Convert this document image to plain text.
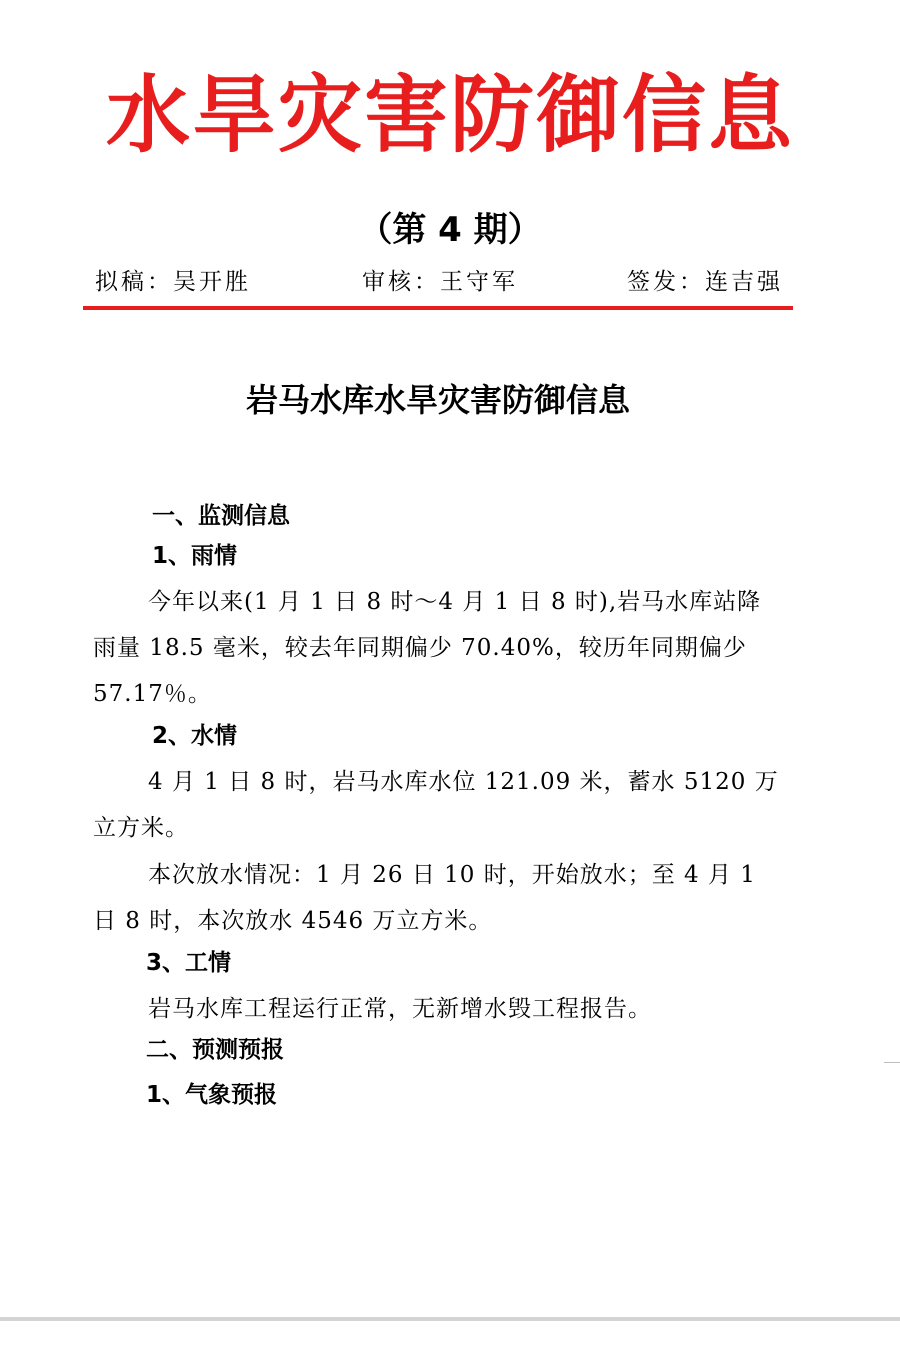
水旱灾害防御信息
（第 4 期）
拟稿：吴开胜	审核：王守军	签发：连吉强
岩马水库水旱灾害防御信息
一、监测信息
1、雨情

今年以来(1 月 1 日 8 时～4 月 1 日 8 时),岩马水库站降雨量 18.5 毫米，较去年同期偏少 70.40%，较历年同期偏少 57.17％。

2、水情

4 月 1 日 8 时，岩马水库水位 121.09 米，蓄水 5120 万立方米。

本次放水情况：1 月 26 日 10 时，开始放水；至 4 月 1 日 8 时，本次放水 4546 万立方米。

3、工情

岩马水库工程运行正常，无新增水毁工程报告。

二、预测预报
1、气象预报
